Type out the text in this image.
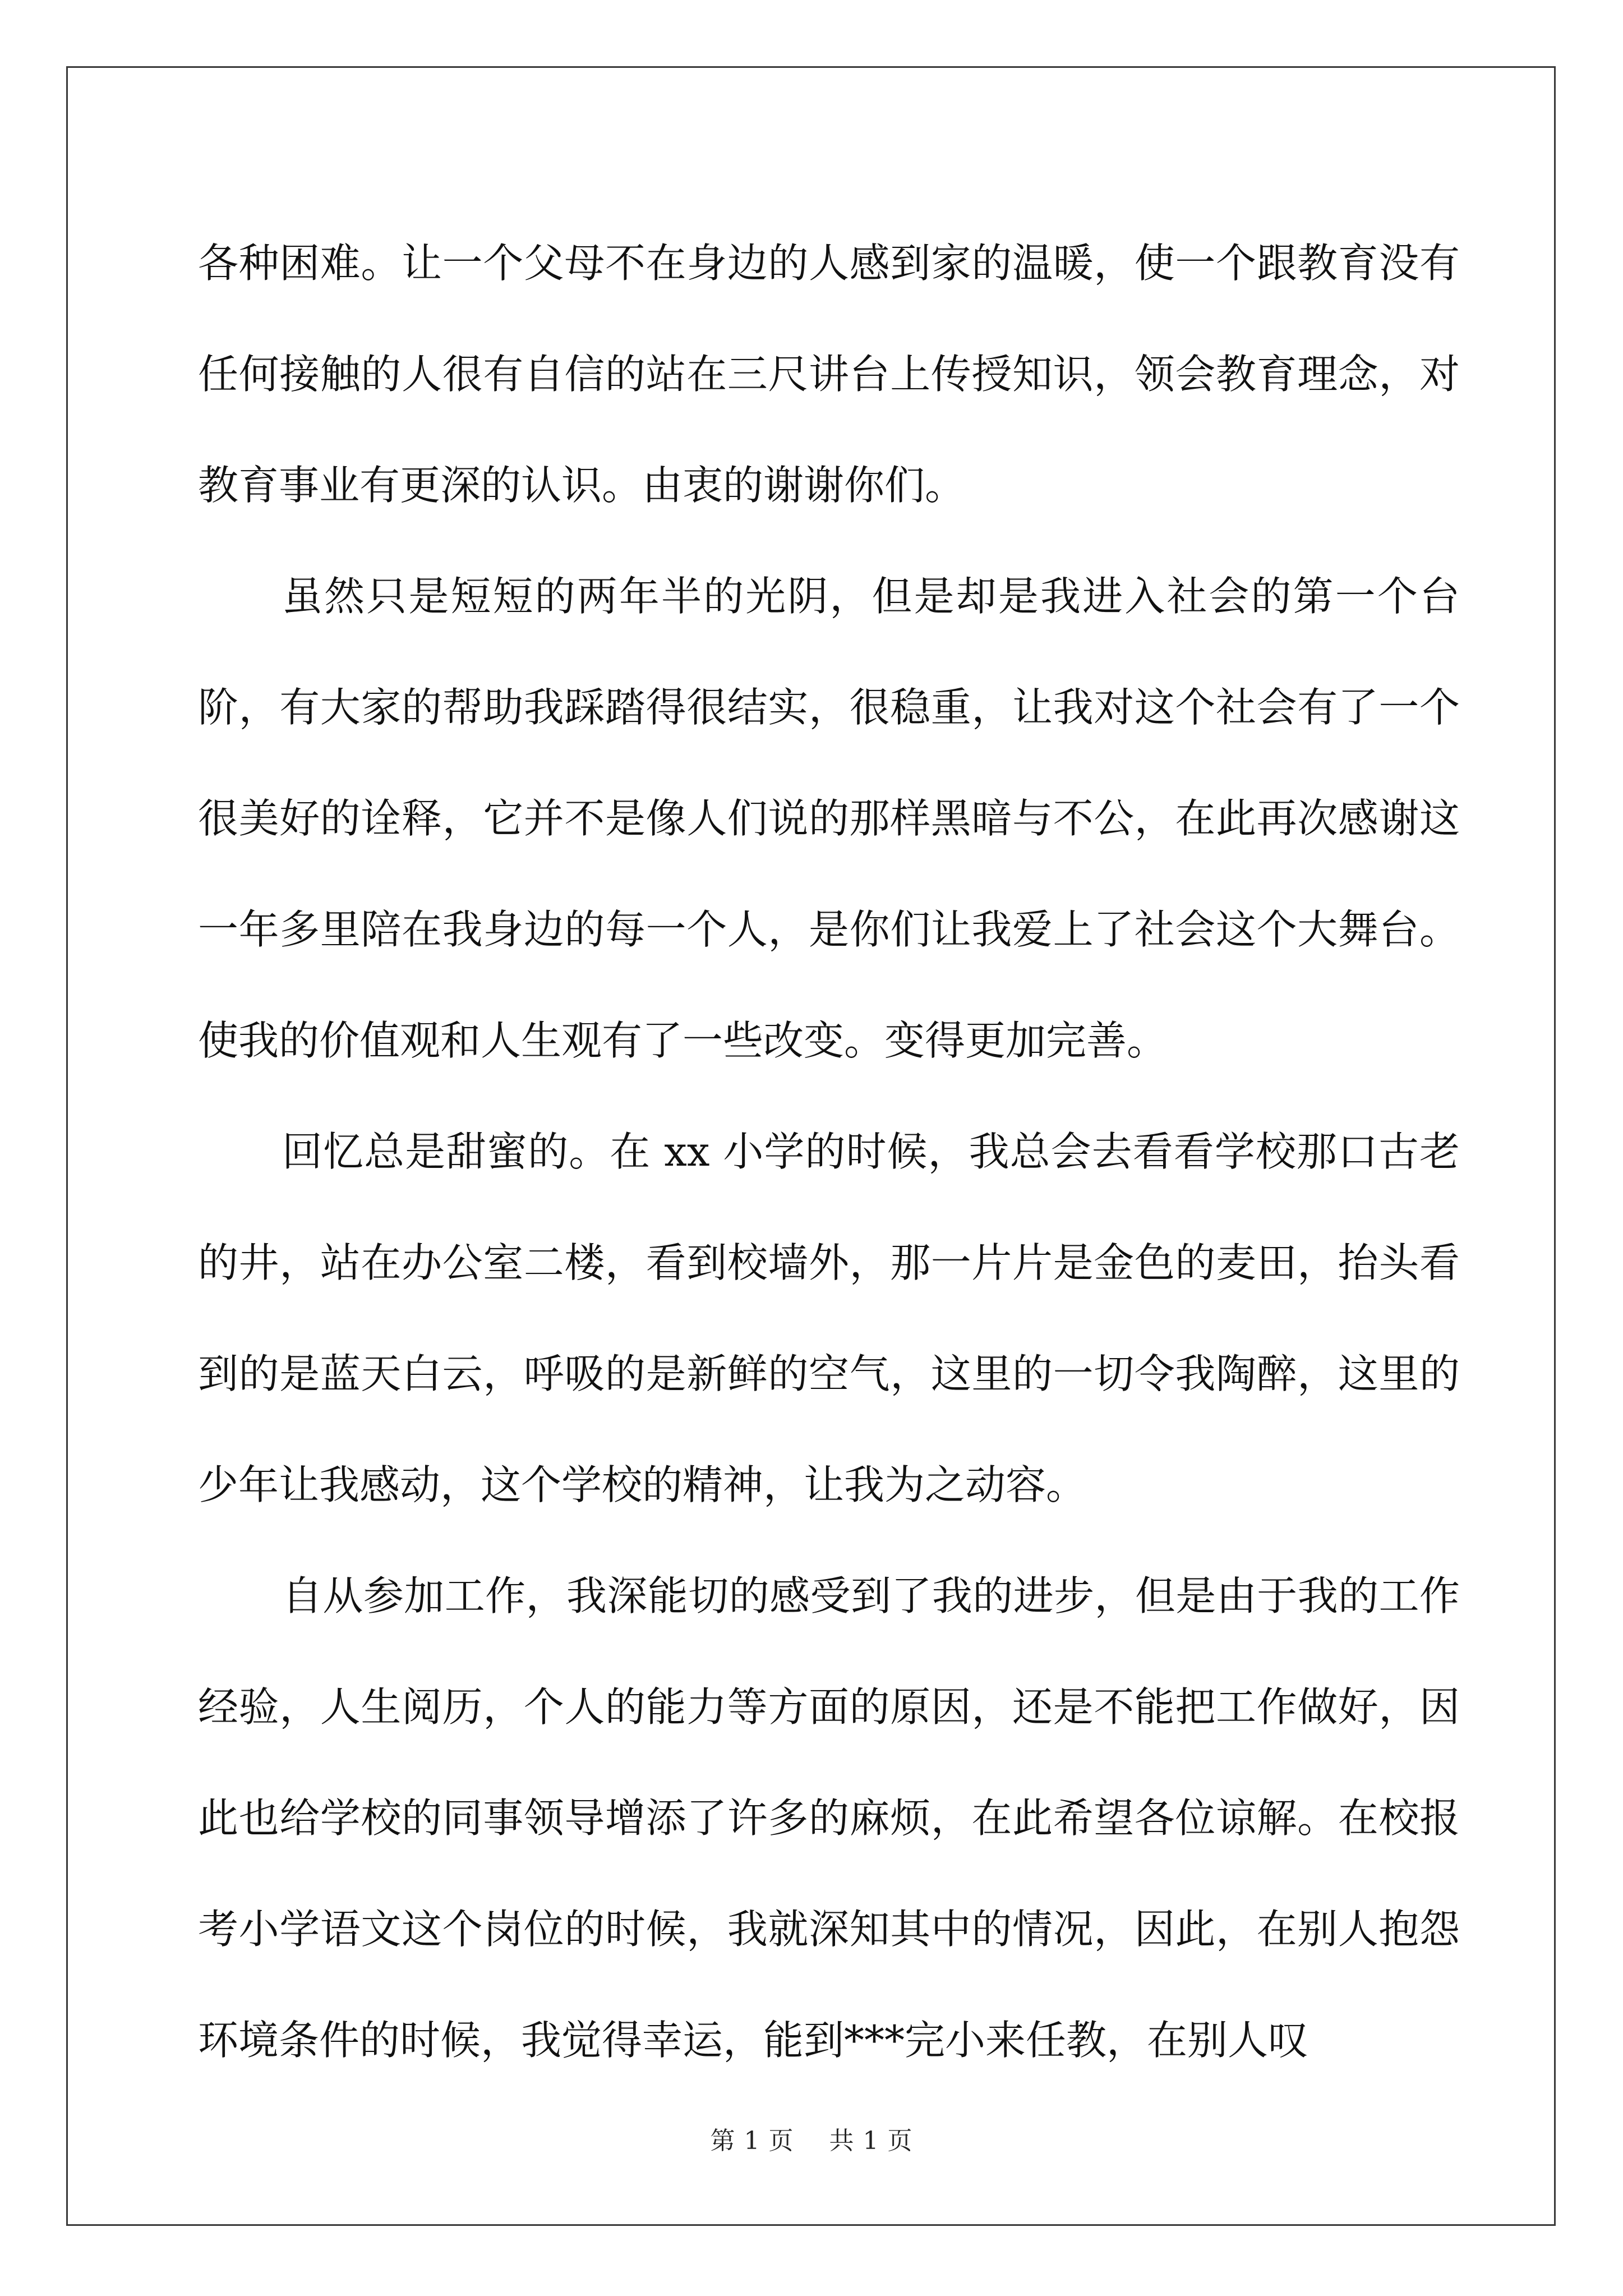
各种困难。让一个父母不在身边的人感到家的温暖，使一个跟教育没有任何接触的人很有自信的站在三尺讲台上传授知识，领会教育理念，对教育事业有更深的认识。由衷的谢谢你们。

虽然只是短短的两年半的光阴，但是却是我进入社会的第一个台阶，有大家的帮助我踩踏得很结实，很稳重，让我对这个社会有了一个很美好的诠释，它并不是像人们说的那样黑暗与不公，在此再次感谢这一年多里陪在我身边的每一个人，是你们让我爱上了社会这个大舞台。使我的价值观和人生观有了一些改变。变得更加完善。

回忆总是甜蜜的。在 xx 小学的时候，我总会去看看学校那口古老的井，站在办公室二楼，看到校墙外，那一片片是金色的麦田，抬头看到的是蓝天白云，呼吸的是新鲜的空气，这里的一切令我陶醉，这里的少年让我感动，这个学校的精神，让我为之动容。

自从参加工作，我深能切的感受到了我的进步，但是由于我的工作经验，人生阅历，个人的能力等方面的原因，还是不能把工作做好，因此也给学校的同事领导增添了许多的麻烦，在此希望各位谅解。在校报考小学语文这个岗位的时候，我就深知其中的情况，因此，在别人抱怨环境条件的时候，我觉得幸运，能到***完小来任教，在别人叹

第 1 页 共 1 页
